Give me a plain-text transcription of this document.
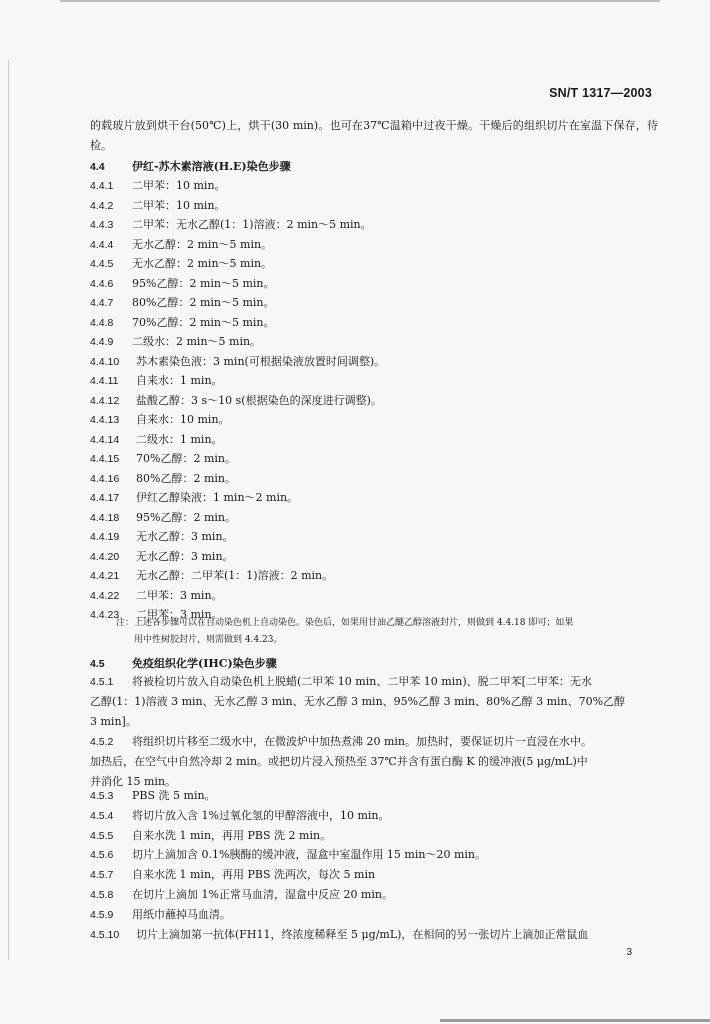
SN/T 1317—2003
的载玻片放到烘干台(50℃)上，烘干(30 min)。也可在37℃温箱中过夜干燥。干燥后的组织切片在室温下保存，待检。
4.4 伊红-苏木素溶液(H.E)染色步骤
4.4.1 二甲苯：10 min。
4.4.2 二甲苯：10 min。
4.4.3 二甲苯：无水乙醇(1：1)溶液：2 min～5 min。
4.4.4 无水乙醇：2 min～5 min。
4.4.5 无水乙醇：2 min～5 min。
4.4.6 95%乙醇：2 min～5 min。
4.4.7 80%乙醇：2 min～5 min。
4.4.8 70%乙醇：2 min～5 min。
4.4.9 二级水：2 min～5 min。
4.4.10 苏木素染色液：3 min(可根据染液放置时间调整)。
4.4.11 自来水：1 min。
4.4.12 盐酸乙醇：3 s～10 s(根据染色的深度进行调整)。
4.4.13 自来水：10 min。
4.4.14 二级水：1 min。
4.4.15 70%乙醇：2 min。
4.4.16 80%乙醇：2 min。
4.4.17 伊红乙醇染液：1 min～2 min。
4.4.18 95%乙醇：2 min。
4.4.19 无水乙醇：3 min。
4.4.20 无水乙醇：3 min。
4.4.21 无水乙醇：二甲苯(1：1)溶液：2 min。
4.4.22 二甲苯：3 min。
4.4.23 二甲苯：3 min。
注：上述各步骤可以在自动染色机上自动染色。染色后，如果用甘油乙醚乙醇溶液封片，则做到 4.4.18 即可；如果
用中性树胶封片，则需做到 4.4.23。
4.5 免疫组织化学(IHC)染色步骤
4.5.1 将被检切片放入自动染色机上脱蜡(二甲苯 10 min、二甲苯 10 min)、脱二甲苯[二甲苯：无水
乙醇(1：1)溶液 3 min、无水乙醇 3 min、无水乙醇 3 min、95%乙醇 3 min、80%乙醇 3 min、70%乙醇
3 min]。
4.5.2 将组织切片移至二级水中，在微波炉中加热煮沸 20 min。加热时，要保证切片一直浸在水中。
加热后，在空气中自然冷却 2 min。或把切片浸入预热至 37℃并含有蛋白酶 K 的缓冲液(5 μg/mL)中
并消化 15 min。
4.5.3 PBS 洗 5 min。
4.5.4 将切片放入含 1%过氧化氢的甲醇溶液中，10 min。
4.5.5 自来水洗 1 min，再用 PBS 洗 2 min。
4.5.6 切片上滴加含 0.1%胰酶的缓冲液，湿盒中室温作用 15 min～20 min。
4.5.7 自来水洗 1 min，再用 PBS 洗两次，每次 5 min
4.5.8 在切片上滴加 1%正常马血清，湿盒中反应 20 min。
4.5.9 用纸巾蘸掉马血清。
4.5.10 切片上滴加第一抗体(FH11，终浓度稀释至 5 μg/mL)，在相间的另一张切片上滴加正常鼠血
3
